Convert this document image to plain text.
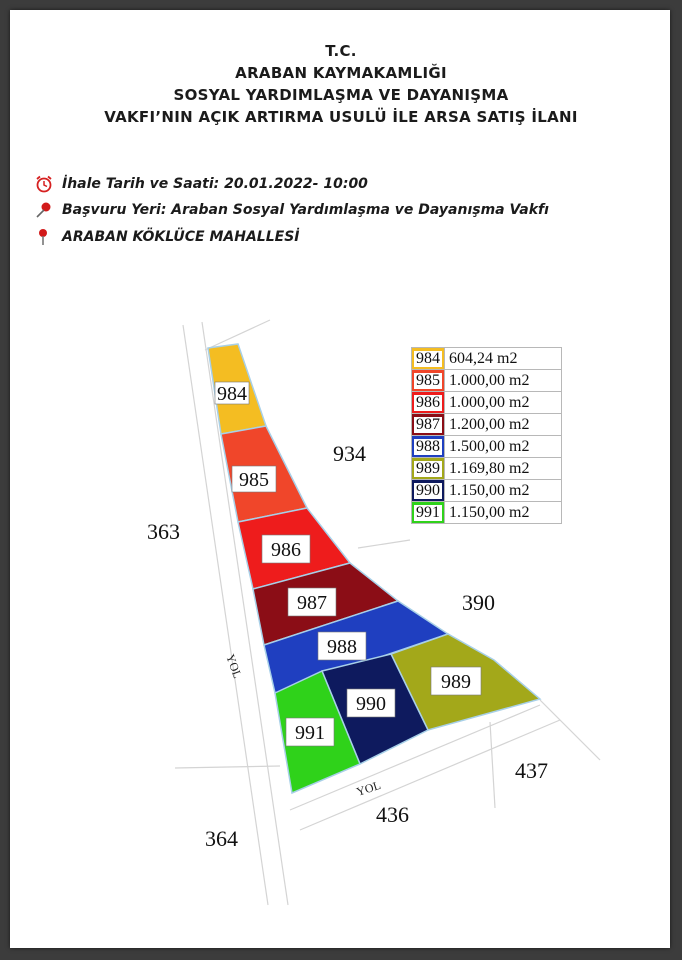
T.C.
ARABAN KAYMAKAMLIĞI
SOSYAL YARDIMLAŞMA VE DAYANIŞMA
VAKFI’NIN AÇIK ARTIRMA USULÜ İLE ARSA SATIŞ İLANI
İhale Tarih ve Saati: 20.01.2022- 10:00
Başvuru Yeri: Araban Sosyal Yardımlaşma ve Dayanışma Vakfı
ARABAN KÖKLÜCE MAHALLESİ
984
985
986
987
988
989
990
991
934
363
390
437
436
364
YOL
YOL
984	604,24 m2

985	1.000,00 m2

986	1.000,00 m2

987	1.200,00 m2

988	1.500,00 m2

989	1.169,80 m2

990	1.150,00 m2

991	1.150,00 m2
